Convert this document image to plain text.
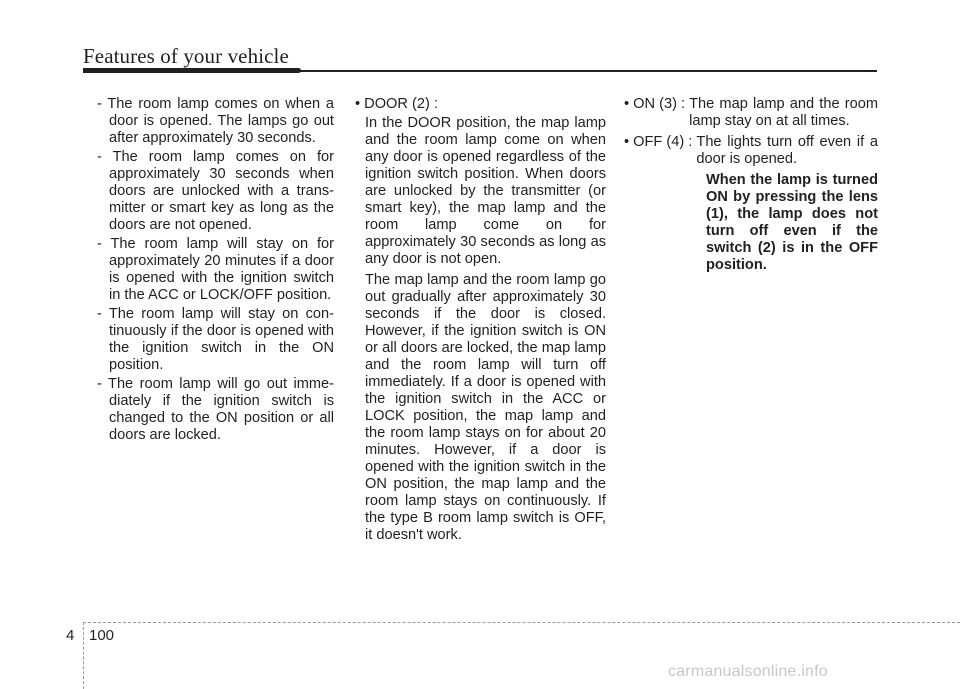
Features of your vehicle

- The room lamp comes on when a door is opened. The lamps go out after approximately 30 seconds.

- The room lamp comes on for approximately 30 seconds when doors are unlocked with a transmitter or smart key as long as the doors are not opened.

- The room lamp will stay on for approximately 20 minutes if a door is opened with the ignition switch in the ACC or LOCK/OFF position.

- The room lamp will stay on continuously if the door is opened with the ignition switch in the ON position.

- The room lamp will go out immediately if the ignition switch is changed to the ON position or all doors are locked.

• DOOR (2) :

In the DOOR position, the map lamp and the room lamp come on when any door is opened regardless of the ignition switch position. When doors are unlocked by the transmitter (or smart key), the map lamp and the room lamp come on for approximately 30 seconds as long as any door is not open.

The map lamp and the room lamp go out gradually after approximately 30 seconds if the door is closed. However, if the ignition switch is ON or all doors are locked, the map lamp and the room lamp will turn off immediately. If a door is opened with the ignition switch in the ACC or LOCK position, the map lamp and the room lamp stays on for about 20 minutes. However, if a door is opened with the ignition switch in the ON position, the map lamp and the room lamp stays on continuously. If the type B room lamp switch is OFF, it doesn't work.

• ON (3) : The map lamp and the room lamp stay on at all times.
• OFF (4) : The lights turn off even if a door is opened.

When the lamp is turned ON by pressing the lens (1), the lamp does not turn off even if the switch (2) is in the OFF position.

4 100
carmanualsonline.info
